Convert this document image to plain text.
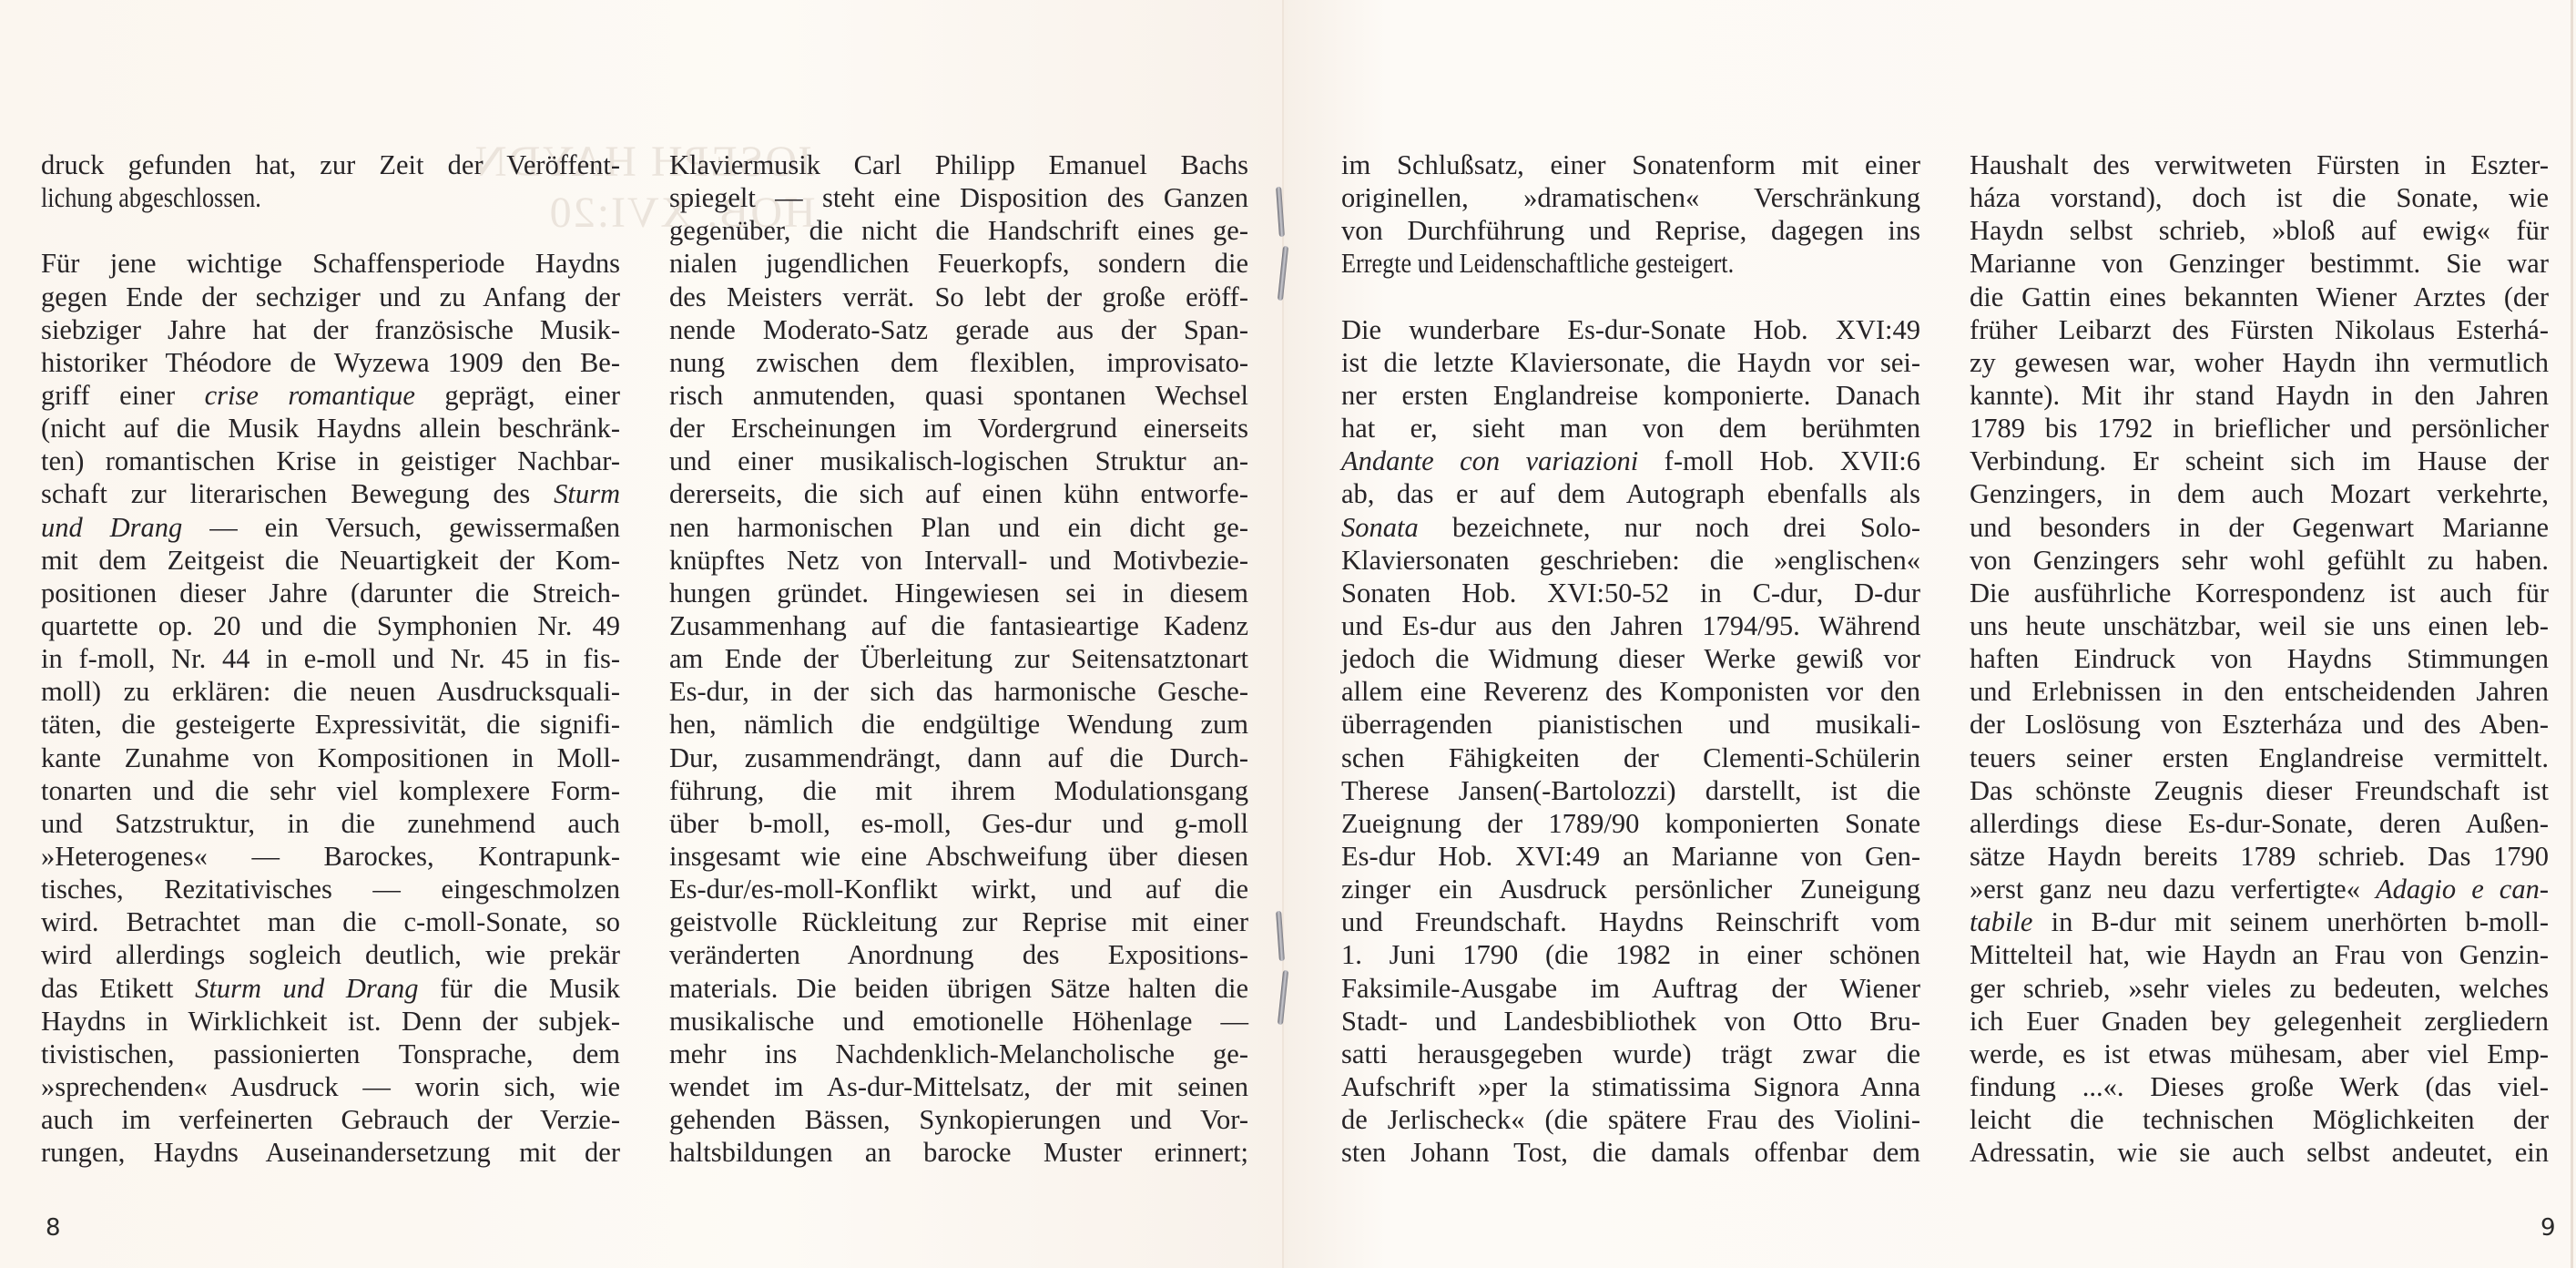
JOSEPH HAYDN
HOB. XVI:20
druck gefunden hat, zur Zeit der Veröffent-
lichung abgeschlossen.
Für jene wichtige Schaffensperiode Haydns
gegen Ende der sechziger und zu Anfang der
siebziger Jahre hat der französische Musik-
historiker Théodore de Wyzewa 1909 den Be-
griff einer crise romantique geprägt, einer
(nicht auf die Musik Haydns allein beschränk-
ten) romantischen Krise in geistiger Nachbar-
schaft zur literarischen Bewegung des Sturm
und Drang — ein Versuch, gewissermaßen
mit dem Zeitgeist die Neuartigkeit der Kom-
positionen dieser Jahre (darunter die Streich-
quartette op. 20 und die Symphonien Nr. 49
in f-moll, Nr. 44 in e-moll und Nr. 45 in fis-
moll) zu erklären: die neuen Ausdrucksquali-
täten, die gesteigerte Expressivität, die signifi-
kante Zunahme von Kompositionen in Moll-
tonarten und die sehr viel komplexere Form-
und Satzstruktur, in die zunehmend auch
»Heterogenes« — Barockes, Kontrapunk-
tisches, Rezitativisches — eingeschmolzen
wird. Betrachtet man die c-moll-Sonate, so
wird allerdings sogleich deutlich, wie prekär
das Etikett Sturm und Drang für die Musik
Haydns in Wirklichkeit ist. Denn der subjek-
tivistischen, passionierten Tonsprache, dem
»sprechenden« Ausdruck — worin sich, wie
auch im verfeinerten Gebrauch der Verzie-
rungen, Haydns Auseinandersetzung mit der
Klaviermusik Carl Philipp Emanuel Bachs
spiegelt — steht eine Disposition des Ganzen
gegenüber, die nicht die Handschrift eines ge-
nialen jugendlichen Feuerkopfs, sondern die
des Meisters verrät. So lebt der große eröff-
nende Moderato-Satz gerade aus der Span-
nung zwischen dem flexiblen, improvisato-
risch anmutenden, quasi spontanen Wechsel
der Erscheinungen im Vordergrund einerseits
und einer musikalisch-logischen Struktur an-
dererseits, die sich auf einen kühn entworfe-
nen harmonischen Plan und ein dicht ge-
knüpftes Netz von Intervall- und Motivbezie-
hungen gründet. Hingewiesen sei in diesem
Zusammenhang auf die fantasieartige Kadenz
am Ende der Überleitung zur Seitensatztonart
Es-dur, in der sich das harmonische Gesche-
hen, nämlich die endgültige Wendung zum
Dur, zusammendrängt, dann auf die Durch-
führung, die mit ihrem Modulationsgang
über b-moll, es-moll, Ges-dur und g-moll
insgesamt wie eine Abschweifung über diesen
Es-dur/es-moll-Konflikt wirkt, und auf die
geistvolle Rückleitung zur Reprise mit einer
veränderten Anordnung des Expositions-
materials. Die beiden übrigen Sätze halten die
musikalische und emotionelle Höhenlage —
mehr ins Nachdenklich-Melancholische ge-
wendet im As-dur-Mittelsatz, der mit seinen
gehenden Bässen, Synkopierungen und Vor-
haltsbildungen an barocke Muster erinnert;
im Schlußsatz, einer Sonatenform mit einer
originellen, »dramatischen« Verschränkung
von Durchführung und Reprise, dagegen ins
Erregte und Leidenschaftliche gesteigert.
Die wunderbare Es-dur-Sonate Hob. XVI:49
ist die letzte Klaviersonate, die Haydn vor sei-
ner ersten Englandreise komponierte. Danach
hat er, sieht man von dem berühmten
Andante con variazioni f-moll Hob. XVII:6
ab, das er auf dem Autograph ebenfalls als
Sonata bezeichnete, nur noch drei Solo-
Klaviersonaten geschrieben: die »englischen«
Sonaten Hob. XVI:50-52 in C-dur, D-dur
und Es-dur aus den Jahren 1794/95. Während
jedoch die Widmung dieser Werke gewiß vor
allem eine Reverenz des Komponisten vor den
überragenden pianistischen und musikali-
schen Fähigkeiten der Clementi-Schülerin
Therese Jansen(-Bartolozzi) darstellt, ist die
Zueignung der 1789/90 komponierten Sonate
Es-dur Hob. XVI:49 an Marianne von Gen-
zinger ein Ausdruck persönlicher Zuneigung
und Freundschaft. Haydns Reinschrift vom
1. Juni 1790 (die 1982 in einer schönen
Faksimile-Ausgabe im Auftrag der Wiener
Stadt- und Landesbibliothek von Otto Bru-
satti herausgegeben wurde) trägt zwar die
Aufschrift »per la stimatissima Signora Anna
de Jerlischeck« (die spätere Frau des Violini-
sten Johann Tost, die damals offenbar dem
Haushalt des verwitweten Fürsten in Eszter-
háza vorstand), doch ist die Sonate, wie
Haydn selbst schrieb, »bloß auf ewig« für
Marianne von Genzinger bestimmt. Sie war
die Gattin eines bekannten Wiener Arztes (der
früher Leibarzt des Fürsten Nikolaus Esterhá-
zy gewesen war, woher Haydn ihn vermutlich
kannte). Mit ihr stand Haydn in den Jahren
1789 bis 1792 in brieflicher und persönlicher
Verbindung. Er scheint sich im Hause der
Genzingers, in dem auch Mozart verkehrte,
und besonders in der Gegenwart Marianne
von Genzingers sehr wohl gefühlt zu haben.
Die ausführliche Korrespondenz ist auch für
uns heute unschätzbar, weil sie uns einen leb-
haften Eindruck von Haydns Stimmungen
und Erlebnissen in den entscheidenden Jahren
der Loslösung von Eszterháza und des Aben-
teuers seiner ersten Englandreise vermittelt.
Das schönste Zeugnis dieser Freundschaft ist
allerdings diese Es-dur-Sonate, deren Außen-
sätze Haydn bereits 1789 schrieb. Das 1790
»erst ganz neu dazu verfertigte« Adagio e can-
tabile in B-dur mit seinem unerhörten b-moll-
Mittelteil hat, wie Haydn an Frau von Genzin-
ger schrieb, »sehr vieles zu bedeuten, welches
ich Euer Gnaden bey gelegenheit zergliedern
werde, es ist etwas mühesam, aber viel Emp-
findung ...«. Dieses große Werk (das viel-
leicht die technischen Möglichkeiten der
Adressatin, wie sie auch selbst andeutet, ein
8	9
